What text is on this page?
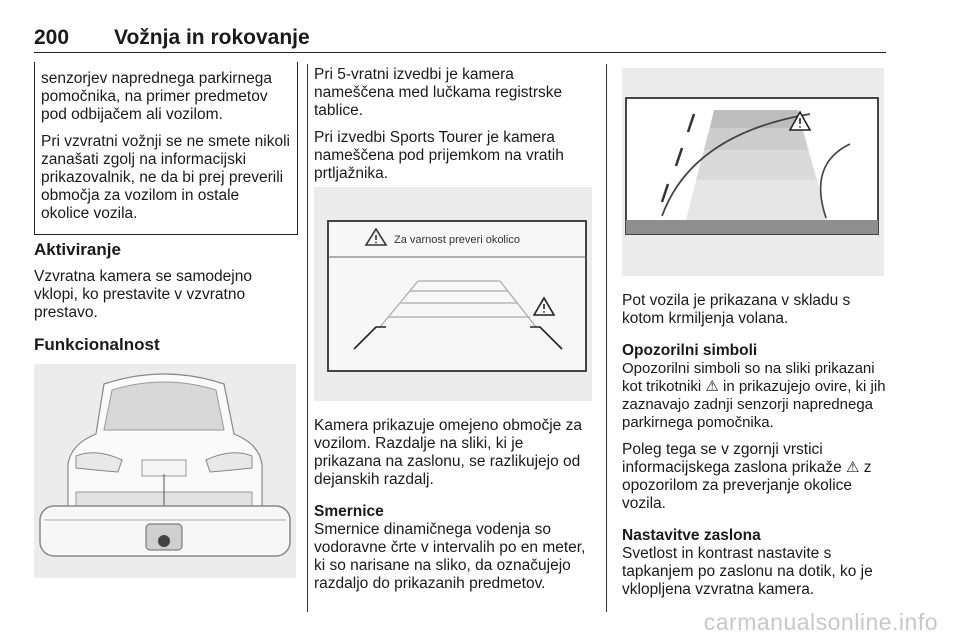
200 Vožnja in rokovanje

senzorjev naprednega parkirnega pomočnika, na primer predmetov pod odbijačem ali vozilom.

Pri vzvratni vožnji se ne smete nikoli zanašati zgolj na informacijski prikazovalnik, ne da bi prej preverili območja za vozilom in ostale okolice vozila.

Aktiviranje

Vzvratna kamera se samodejno vklopi, ko prestavite v vzvratno prestavo.

Funkcionalnost

Pri 5-vratni izvedbi je kamera nameščena med lučkama registrske tablice.

Pri izvedbi Sports Tourer je kamera nameščena pod prijemkom na vratih prtljažnika.

Za varnost preveri okolico

Kamera prikazuje omejeno območje za vozilom. Razdalje na sliki, ki je prikazana na zaslonu, se razlikujejo od dejanskih razdalj.

Smernice

Smernice dinamičnega vodenja so vodoravne črte v intervalih po en meter, ki so narisane na sliko, da označujejo razdaljo do prikazanih predmetov.

Pot vozila je prikazana v skladu s kotom krmiljenja volana.

Opozorilni simboli

Opozorilni simboli so na sliki prikazani kot trikotniki ⚠ in prikazujejo ovire, ki jih zaznavajo zadnji senzorji naprednega parkirnega pomočnika.

Poleg tega se v zgornji vrstici informacijskega zaslona prikaže ⚠ z opozorilom za preverjanje okolice vozila.

Nastavitve zaslona

Svetlost in kontrast nastavite s tapkanjem po zaslonu na dotik, ko je vklopljena vzvratna kamera.

carmanualsonline.info
